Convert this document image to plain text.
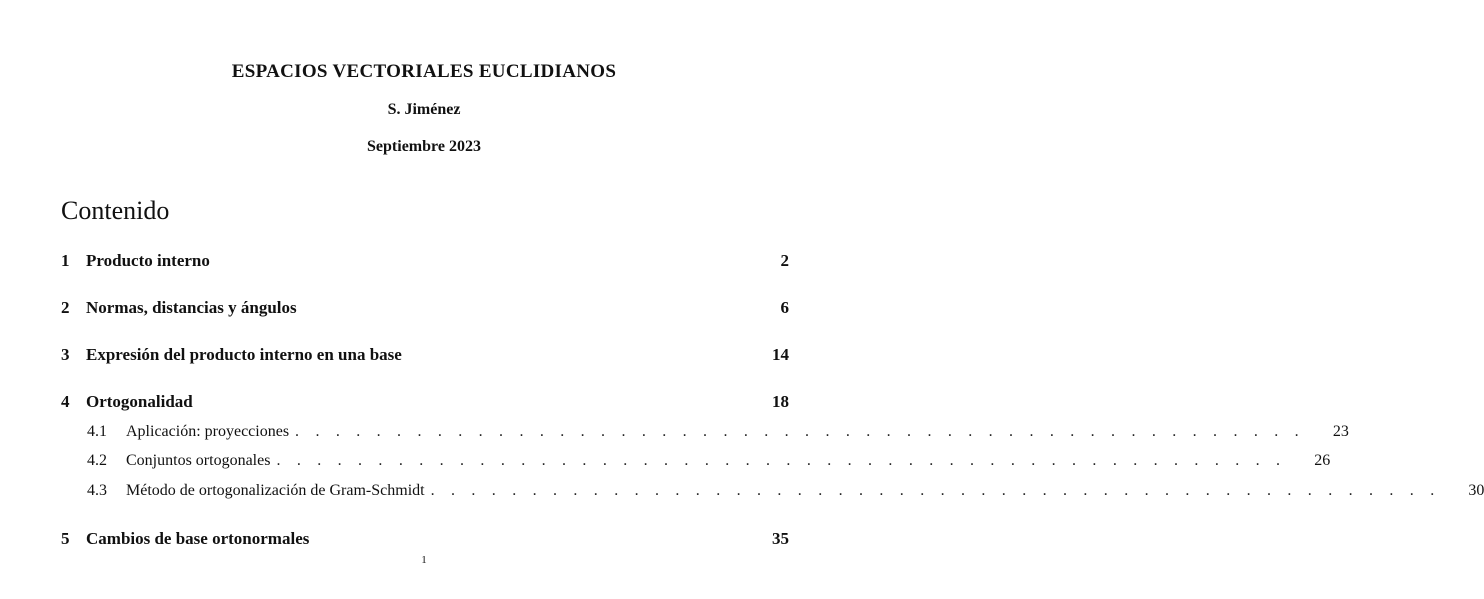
ESPACIOS VECTORIALES EUCLIDIANOS
S. Jiménez
Septiembre 2023
Contenido
1 Producto interno	2
2 Normas, distancias y ángulos	6
3 Expresión del producto interno en una base	14
4 Ortogonalidad	18
4.1	Aplicación: proyecciones . . . . . . . . . . . . . . . . . . . . . . . . . . . . . . . . . . . . . . . . . . . . . . . . . .	23
4.2	Conjuntos ortogonales . . . . . . . . . . . . . . . . . . . . . . . . . . . . . . . . . . . . . . . . . . . . . . . . . .	26
4.3	Método de ortogonalización de Gram-Schmidt . . . . . . . . . . . . . . . . . . . . . . . . . . . . . . . . . . . . . . . . . . . . . . . . . .	30
5 Cambios de base ortonormales	35
1
